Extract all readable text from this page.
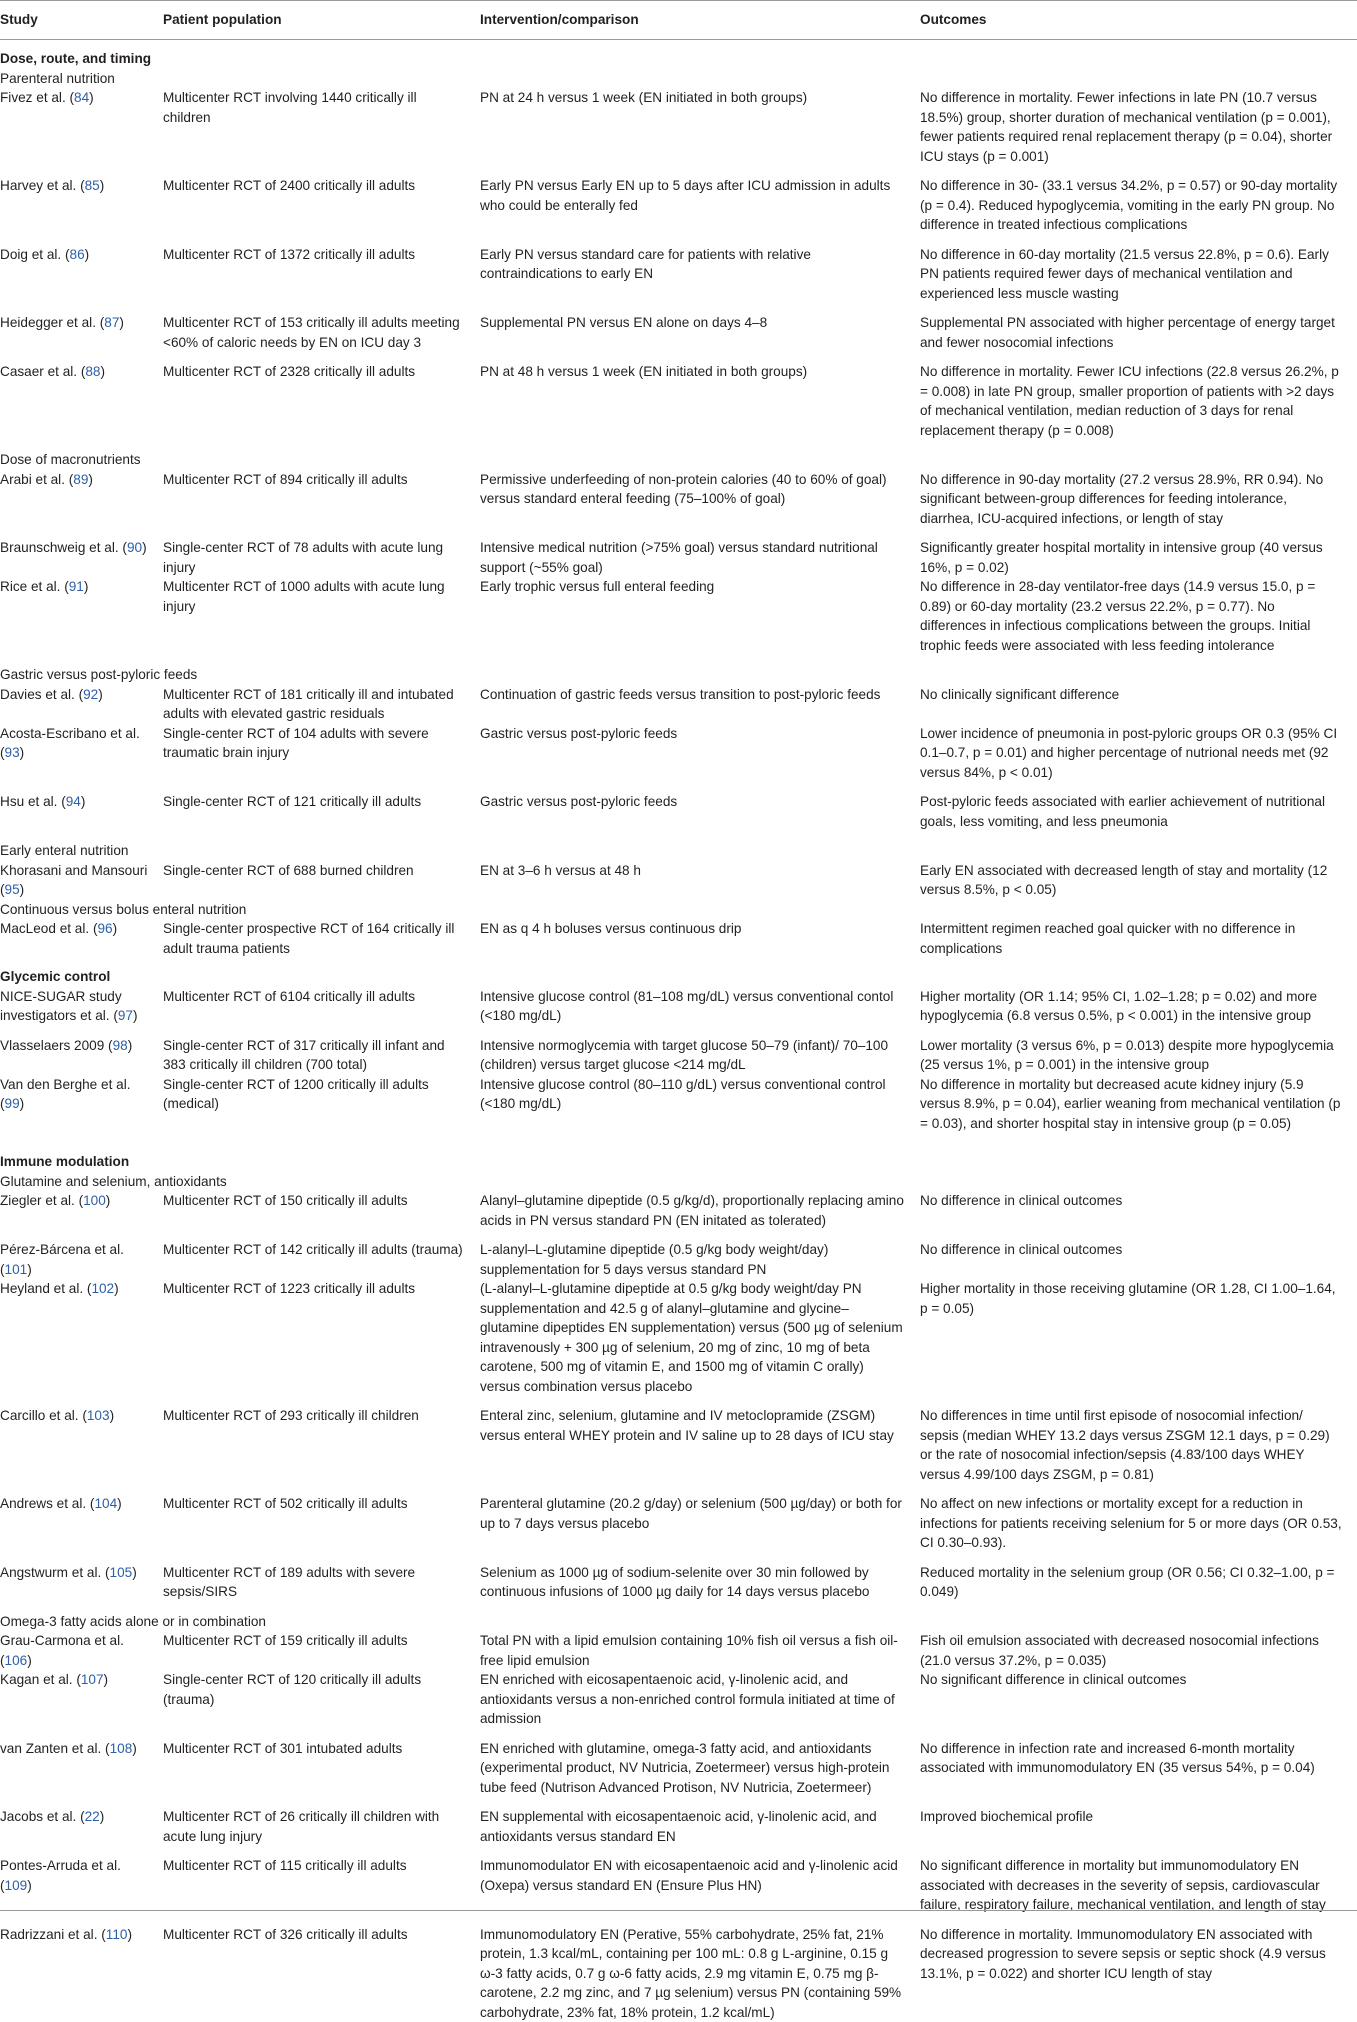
Study	Patient population	Intervention/comparison	Outcomes

Dose, route, and timing			
Parenteral nutrition			

Fivez et al. (84)	Multicenter RCT involving 1440 critically ill children	PN at 24 h versus 1 week (EN initiated in both groups)	No difference in mortality. Fewer infections in late PN (10.7 versus 18.5%) group, shorter duration of mechanical ventilation (p = 0.001), fewer patients required renal replacement therapy (p = 0.04), shorter ICU stays (p = 0.001)

Harvey et al. (85)	Multicenter RCT of 2400 critically ill adults	Early PN versus Early EN up to 5 days after ICU admission in adults who could be enterally fed	No difference in 30- (33.1 versus 34.2%, p = 0.57) or 90-day mortality (p = 0.4). Reduced hypoglycemia, vomiting in the early PN group. No difference in treated infectious complications

Doig et al. (86)	Multicenter RCT of 1372 critically ill adults	Early PN versus standard care for patients with relative contraindications to early EN	No difference in 60-day mortality (21.5 versus 22.8%, p = 0.6). Early PN patients required fewer days of mechanical ventilation and experienced less muscle wasting

Heidegger et al. (87)	Multicenter RCT of 153 critically ill adults meeting <60% of caloric needs by EN on ICU day 3	Supplemental PN versus EN alone on days 4–8	Supplemental PN associated with higher percentage of energy target and fewer nosocomial infections

Casaer et al. (88)	Multicenter RCT of 2328 critically ill adults	PN at 48 h versus 1 week (EN initiated in both groups)	No difference in mortality. Fewer ICU infections (22.8 versus 26.2%, p = 0.008) in late PN group, smaller proportion of patients with >2 days of mechanical ventilation, median reduction of 3 days for renal replacement therapy (p = 0.008)

Dose of macronutrients			

Arabi et al. (89)	Multicenter RCT of 894 critically ill adults	Permissive underfeeding of non-protein calories (40 to 60% of goal) versus standard enteral feeding (75–100% of goal)	No difference in 90-day mortality (27.2 versus 28.9%, RR 0.94). No significant between-group differences for feeding intolerance, diarrhea, ICU-acquired infections, or length of stay

Braunschweig et al. (90)	Single-center RCT of 78 adults with acute lung injury	Intensive medical nutrition (>75% goal) versus standard nutritional support (~55% goal)	Significantly greater hospital mortality in intensive group (40 versus 16%, p = 0.02)

Rice et al. (91)	Multicenter RCT of 1000 adults with acute lung injury	Early trophic versus full enteral feeding	No difference in 28-day ventilator-free days (14.9 versus 15.0, p = 0.89) or 60-day mortality (23.2 versus 22.2%, p = 0.77). No differences in infectious complications between the groups. Initial trophic feeds were associated with less feeding intolerance

Gastric versus post-pyloric feeds			

Davies et al. (92)	Multicenter RCT of 181 critically ill and intubated adults with elevated gastric residuals	Continuation of gastric feeds versus transition to post-pyloric feeds	No clinically significant difference

Acosta-Escribano et al. (93)	Single-center RCT of 104 adults with severe traumatic brain injury	Gastric versus post-pyloric feeds	Lower incidence of pneumonia in post-pyloric groups OR 0.3 (95% CI 0.1–0.7, p = 0.01) and higher percentage of nutrional needs met (92 versus 84%, p < 0.01)

Hsu et al. (94)	Single-center RCT of 121 critically ill adults	Gastric versus post-pyloric feeds	Post-pyloric feeds associated with earlier achievement of nutritional goals, less vomiting, and less pneumonia

Early enteral nutrition			

Khorasani and Mansouri (95)	Single-center RCT of 688 burned children	EN at 3–6 h versus at 48 h	Early EN associated with decreased length of stay and mortality (12 versus 8.5%, p < 0.05)

Continuous versus bolus enteral nutrition			

MacLeod et al. (96)	Single-center prospective RCT of 164 critically ill adult trauma patients	EN as q 4 h boluses versus continuous drip	Intermittent regimen reached goal quicker with no difference in complications

Glycemic control			

NICE-SUGAR study investigators et al. (97)	Multicenter RCT of 6104 critically ill adults	Intensive glucose control (81–108 mg/dL) versus conventional contol (<180 mg/dL)	Higher mortality (OR 1.14; 95% CI, 1.02–1.28; p = 0.02) and more hypoglycemia (6.8 versus 0.5%, p < 0.001) in the intensive group

Vlasselaers 2009 (98)	Single-center RCT of 317 critically ill infant and 383 critically ill children (700 total)	Intensive normoglycemia with target glucose 50–79 (infant)/ 70–100 (children) versus target glucose <214 mg/dL	Lower mortality (3 versus 6%, p = 0.013) despite more hypoglycemia (25 versus 1%, p = 0.001) in the intensive group

Van den Berghe et al. (99)	Single-center RCT of 1200 critically ill adults (medical)	Intensive glucose control (80–110 g/dL) versus conventional control (<180 mg/dL)	No difference in mortality but decreased acute kidney injury (5.9 versus 8.9%, p = 0.04), earlier weaning from mechanical ventilation (p = 0.03), and shorter hospital stay in intensive group (p = 0.05)

Immune modulation			
Glutamine and selenium, antioxidants			

Ziegler et al. (100)	Multicenter RCT of 150 critically ill adults	Alanyl–glutamine dipeptide (0.5 g/kg/d), proportionally replacing amino acids in PN versus standard PN (EN initated as tolerated)	No difference in clinical outcomes

Pérez-Bárcena et al. (101)	Multicenter RCT of 142 critically ill adults (trauma)	L-alanyl–L-glutamine dipeptide (0.5 g/kg body weight/day) supplementation for 5 days versus standard PN	No difference in clinical outcomes

Heyland et al. (102)	Multicenter RCT of 1223 critically ill adults	(L-alanyl–L-glutamine dipeptide at 0.5 g/kg body weight/day PN supplementation and 42.5 g of alanyl–glutamine and glycine–glutamine dipeptides EN supplementation) versus (500 µg of selenium intravenously + 300 µg of selenium, 20 mg of zinc, 10 mg of beta carotene, 500 mg of vitamin E, and 1500 mg of vitamin C orally) versus combination versus placebo	Higher mortality in those receiving glutamine (OR 1.28, CI 1.00–1.64, p = 0.05)

Carcillo et al. (103)	Multicenter RCT of 293 critically ill children	Enteral zinc, selenium, glutamine and IV metoclopramide (ZSGM) versus enteral WHEY protein and IV saline up to 28 days of ICU stay	No differences in time until first episode of nosocomial infection/ sepsis (median WHEY 13.2 days versus ZSGM 12.1 days, p = 0.29) or the rate of nosocomial infection/sepsis (4.83/100 days WHEY versus 4.99/100 days ZSGM, p = 0.81)

Andrews et al. (104)	Multicenter RCT of 502 critically ill adults	Parenteral glutamine (20.2 g/day) or selenium (500 µg/day) or both for up to 7 days versus placebo	No affect on new infections or mortality except for a reduction in infections for patients receiving selenium for 5 or more days (OR 0.53, CI 0.30–0.93).

Angstwurm et al. (105)	Multicenter RCT of 189 adults with severe sepsis/SIRS	Selenium as 1000 µg of sodium-selenite over 30 min followed by continuous infusions of 1000 µg daily for 14 days versus placebo	Reduced mortality in the selenium group (OR 0.56; CI 0.32–1.00, p = 0.049)

Omega-3 fatty acids alone or in combination			

Grau-Carmona et al. (106)	Multicenter RCT of 159 critically ill adults	Total PN with a lipid emulsion containing 10% fish oil versus a fish oil-free lipid emulsion	Fish oil emulsion associated with decreased nosocomial infections (21.0 versus 37.2%, p = 0.035)

Kagan et al. (107)	Single-center RCT of 120 critically ill adults (trauma)	EN enriched with eicosapentaenoic acid, γ-linolenic acid, and antioxidants versus a non-enriched control formula initiated at time of admission	No significant difference in clinical outcomes

van Zanten et al. (108)	Multicenter RCT of 301 intubated adults	EN enriched with glutamine, omega-3 fatty acid, and antioxidants (experimental product, NV Nutricia, Zoetermeer) versus high-protein tube feed (Nutrison Advanced Protison, NV Nutricia, Zoetermeer)	No difference in infection rate and increased 6-month mortality associated with immunomodulatory EN (35 versus 54%, p = 0.04)

Jacobs et al. (22)	Multicenter RCT of 26 critically ill children with acute lung injury	EN supplemental with eicosapentaenoic acid, γ-linolenic acid, and antioxidants versus standard EN	Improved biochemical profile

Pontes-Arruda et al. (109)	Multicenter RCT of 115 critically ill adults	Immunomodulator EN with eicosapentaenoic acid and γ-linolenic acid (Oxepa) versus standard EN (Ensure Plus HN)	No significant difference in mortality but immunomodulatory EN associated with decreases in the severity of sepsis, cardiovascular failure, respiratory failure, mechanical ventilation, and length of stay

Radrizzani et al. (110)	Multicenter RCT of 326 critically ill adults	Immunomodulatory EN (Perative, 55% carbohydrate, 25% fat, 21% protein, 1.3 kcal/mL, containing per 100 mL: 0.8 g L-arginine, 0.15 g ω-3 fatty acids, 0.7 g ω-6 fatty acids, 2.9 mg vitamin E, 0.75 mg β-carotene, 2.2 mg zinc, and 7 µg selenium) versus PN (containing 59% carbohydrate, 23% fat, 18% protein, 1.2 kcal/mL)	No difference in mortality. Immunomodulatory EN associated with decreased progression to severe sepsis or septic shock (4.9 versus 13.1%, p = 0.022) and shorter ICU length of stay
